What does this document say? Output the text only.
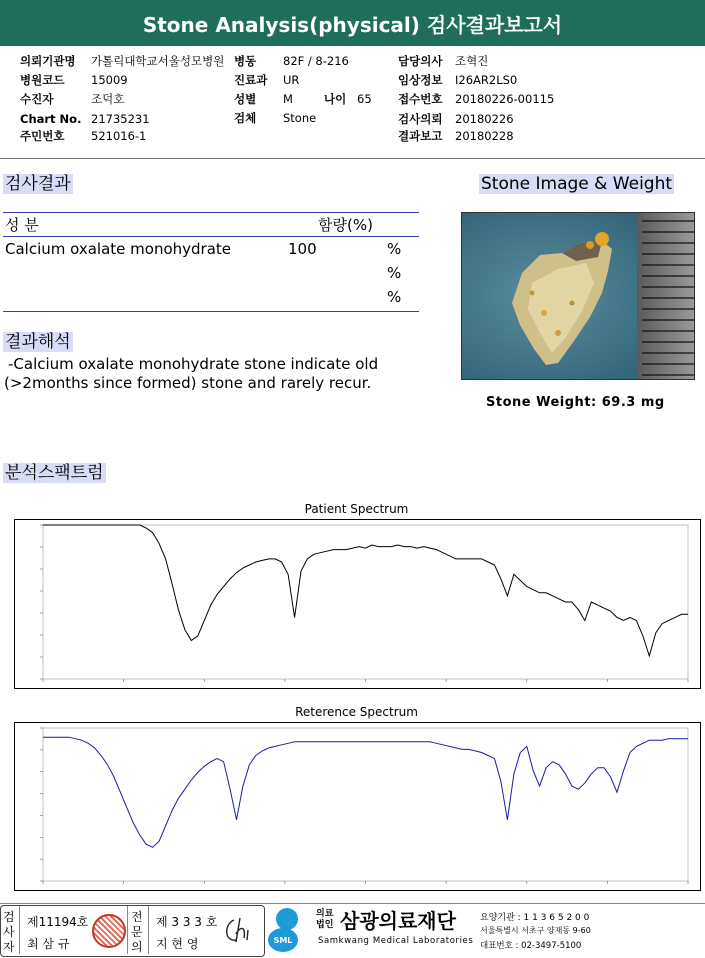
Stone Analysis(physical) 검사결과보고서
의뢰기관명 가톨릭대학교서울성모병원
병원코드 15009
수진자	조덕호
Chart No. 21735231
주민번호 521016-1
병동 82F / 8-216
진료과 UR
성별 M	나이 65
검체 Stone
담당의사 조혁진
임상정보 I26AR2LS0
접수번호 20180226-00115
검사의뢰 20180226
결과보고 20180228
검사결과
성 분	함량(%)
Calcium oxalate monohydrate	100	%
%
%
결과해석
-Calcium oxalate monohydrate stone indicate old
(>2months since formed) stone and rarely recur.
Stone Image & Weight
Stone Weight: 69.3 mg
분석스팩트럼
Patient Spectrum
Reterence Spectrum
검사자
제11194호
최 삼 규
전문의
제 3 3 3 호
지 현 영	SML
의료법인 삼광의료재단
Samkwang Medical Laboratories
요양기관 : 1 1 3 6 5 2 0 0
서울특별시 서초구 양재동 9-60
대표번호 : 02-3497-5100
